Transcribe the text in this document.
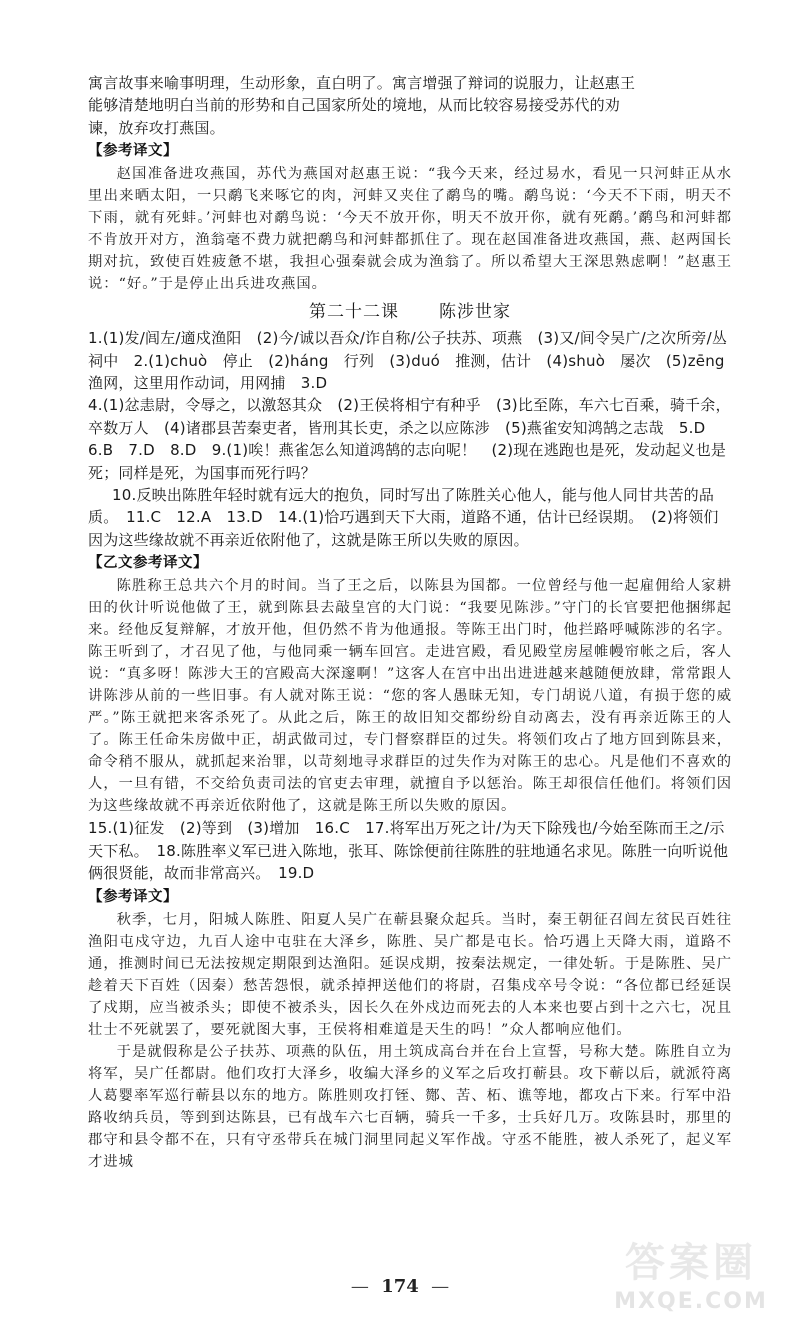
寓言故事来喻事明理，生动形象，直白明了。寓言增强了辩词的说服力，让赵惠王

能够清楚地明白当前的形势和自己国家所处的境地，从而比较容易接受苏代的劝

谏，放弃攻打燕国。

【参考译文】

赵国准备进攻燕国，苏代为燕国对赵惠王说：“我今天来，经过易水，看见一只河蚌正从水里出来晒太阳，一只鹬飞来啄它的肉，河蚌又夹住了鹬鸟的嘴。鹬鸟说：‘今天不下雨，明天不下雨，就有死蚌。’河蚌也对鹬鸟说：‘今天不放开你，明天不放开你，就有死鹬。’鹬鸟和河蚌都不肯放开对方，渔翁毫不费力就把鹬鸟和河蚌都抓住了。现在赵国准备进攻燕国，燕、赵两国长期对抗，致使百姓疲惫不堪，我担心强秦就会成为渔翁了。所以希望大王深思熟虑啊！”赵惠王说：“好。”于是停止出兵进攻燕国。

第二十二课 陈涉世家

1.(1)发/闾左/適戍渔阳　(2)今/诚以吾众/诈自称/公子扶苏、项燕　(3)又/间令吴广/之次所旁/丛祠中　2.(1)chuò　停止　(2)háng　行列　(3)duó　推测，估计　(4)shuò　屡次　(5)zēng　渔网，这里用作动词，用网捕　3.D

4.(1)忿恚尉，令辱之，以激怒其众　(2)王侯将相宁有种乎　(3)比至陈，车六七百乘，骑千余，卒数万人　(4)诸郡县苦秦吏者，皆刑其长吏，杀之以应陈涉　(5)燕雀安知鸿鹄之志哉　5.D　6.B　7.D　8.D　9.(1)唉！燕雀怎么知道鸿鹄的志向呢！　(2)现在逃跑也是死，发动起义也是死；同样是死，为国事而死行吗？

10.反映出陈胜年轻时就有远大的抱负，同时写出了陈胜关心他人，能与他人同甘共苦的品质。　11.C　12.A　13.D　14.(1)恰巧遇到天下大雨，道路不通，估计已经误期。　(2)将领们因为这些缘故就不再亲近依附他了，这就是陈王所以失败的原因。

【乙文参考译文】

陈胜称王总共六个月的时间。当了王之后，以陈县为国都。一位曾经与他一起雇佣给人家耕田的伙计听说他做了王，就到陈县去敲皇宫的大门说：“我要见陈涉。”守门的长官要把他捆绑起来。经他反复辩解，才放开他，但仍然不肯为他通报。等陈王出门时，他拦路呼喊陈涉的名字。陈王听到了，才召见了他，与他同乘一辆车回宫。走进宫殿，看见殿堂房屋帷幔帘帐之后，客人说：“真多呀！陈涉大王的宫殿高大深邃啊！”这客人在宫中出出进进越来越随便放肆，常常跟人讲陈涉从前的一些旧事。有人就对陈王说：“您的客人愚昧无知，专门胡说八道，有损于您的威严。”陈王就把来客杀死了。从此之后，陈王的故旧知交都纷纷自动离去，没有再亲近陈王的人了。陈王任命朱房做中正，胡武做司过，专门督察群臣的过失。将领们攻占了地方回到陈县来，命令稍不服从，就抓起来治罪，以苛刻地寻求群臣的过失作为对陈王的忠心。凡是他们不喜欢的人，一旦有错，不交给负责司法的官吏去审理，就擅自予以惩治。陈王却很信任他们。将领们因为这些缘故就不再亲近依附他了，这就是陈王所以失败的原因。

15.(1)征发　(2)等到　(3)增加　16.C　17.将军出万死之计/为天下除残也/今始至陈而王之/示天下私。　18.陈胜率义军已进入陈地，张耳、陈馀便前往陈胜的驻地通名求见。陈胜一向听说他俩很贤能，故而非常高兴。　19.D

【参考译文】

秋季，七月，阳城人陈胜、阳夏人吴广在蕲县聚众起兵。当时，秦王朝征召闾左贫民百姓往渔阳屯戍守边，九百人途中屯驻在大泽乡，陈胜、吴广都是屯长。恰巧遇上天降大雨，道路不通，推测时间已无法按规定期限到达渔阳。延误戍期，按秦法规定，一律处斩。于是陈胜、吴广趁着天下百姓（因秦）愁苦怨恨，就杀掉押送他们的将尉，召集戍卒号令说：“各位都已经延误了戍期，应当被杀头；即使不被杀头，因长久在外戍边而死去的人本来也要占到十之六七，况且壮士不死就罢了，要死就图大事，王侯将相难道是天生的吗！”众人都响应他们。

于是就假称是公子扶苏、项燕的队伍，用土筑成高台并在台上宣誓，号称大楚。陈胜自立为将军，吴广任都尉。他们攻打大泽乡，收编大泽乡的义军之后攻打蕲县。攻下蕲以后，就派符离人葛婴率军巡行蕲县以东的地方。陈胜则攻打铚、酂、苦、柘、谯等地，都攻占下来。行军中沿路收纳兵员，等到到达陈县，已有战车六七百辆，骑兵一千多，士兵好几万。攻陈县时，那里的郡守和县令都不在，只有守丞带兵在城门洞里同起义军作战。守丞不能胜，被人杀死了，起义军才进城

— 174 —
答案圈
MXQE.COM
